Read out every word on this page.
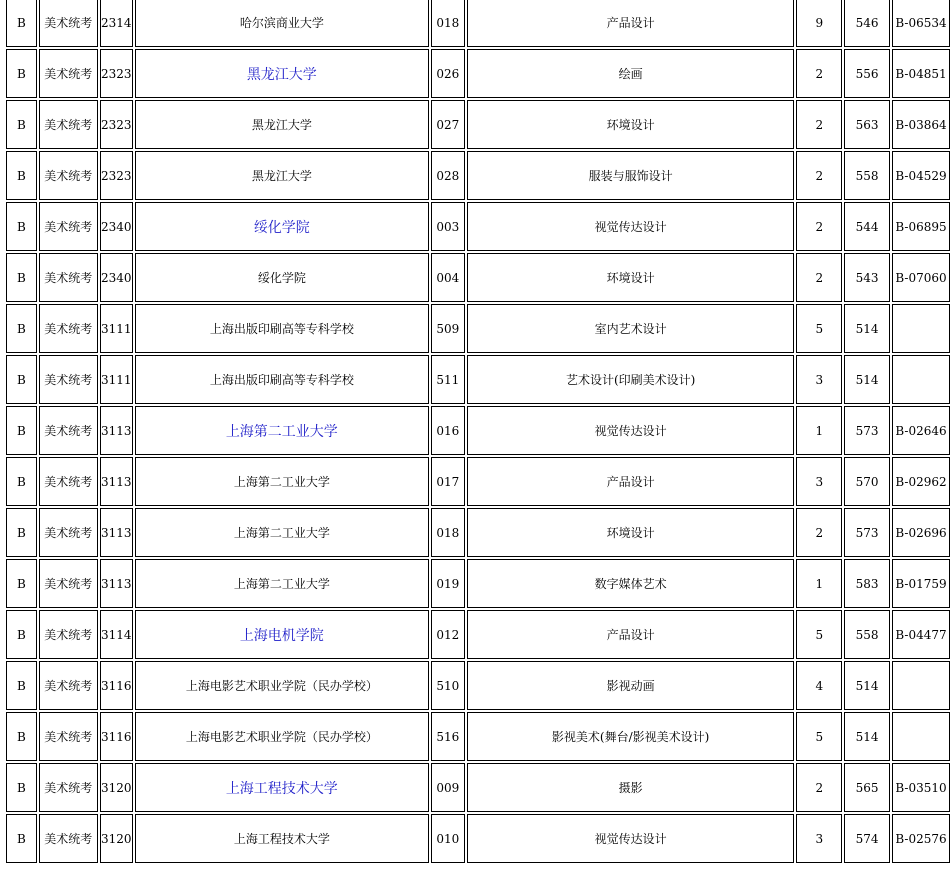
B	美术统考	2314	哈尔滨商业大学	018	产品设计	9	546	B-06534
B	美术统考	2323	黑龙江大学	026	绘画	2	556	B-04851
B	美术统考	2323	黑龙江大学	027	环境设计	2	563	B-03864
B	美术统考	2323	黑龙江大学	028	服装与服饰设计	2	558	B-04529
B	美术统考	2340	绥化学院	003	视觉传达设计	2	544	B-06895
B	美术统考	2340	绥化学院	004	环境设计	2	543	B-07060
B	美术统考	3111	上海出版印刷高等专科学校	509	室内艺术设计	5	514	
B	美术统考	3111	上海出版印刷高等专科学校	511	艺术设计(印刷美术设计)	3	514	
B	美术统考	3113	上海第二工业大学	016	视觉传达设计	1	573	B-02646
B	美术统考	3113	上海第二工业大学	017	产品设计	3	570	B-02962
B	美术统考	3113	上海第二工业大学	018	环境设计	2	573	B-02696
B	美术统考	3113	上海第二工业大学	019	数字媒体艺术	1	583	B-01759
B	美术统考	3114	上海电机学院	012	产品设计	5	558	B-04477
B	美术统考	3116	上海电影艺术职业学院（民办学校）	510	影视动画	4	514	
B	美术统考	3116	上海电影艺术职业学院（民办学校）	516	影视美术(舞台/影视美术设计)	5	514	
B	美术统考	3120	上海工程技术大学	009	摄影	2	565	B-03510
B	美术统考	3120	上海工程技术大学	010	视觉传达设计	3	574	B-02576
